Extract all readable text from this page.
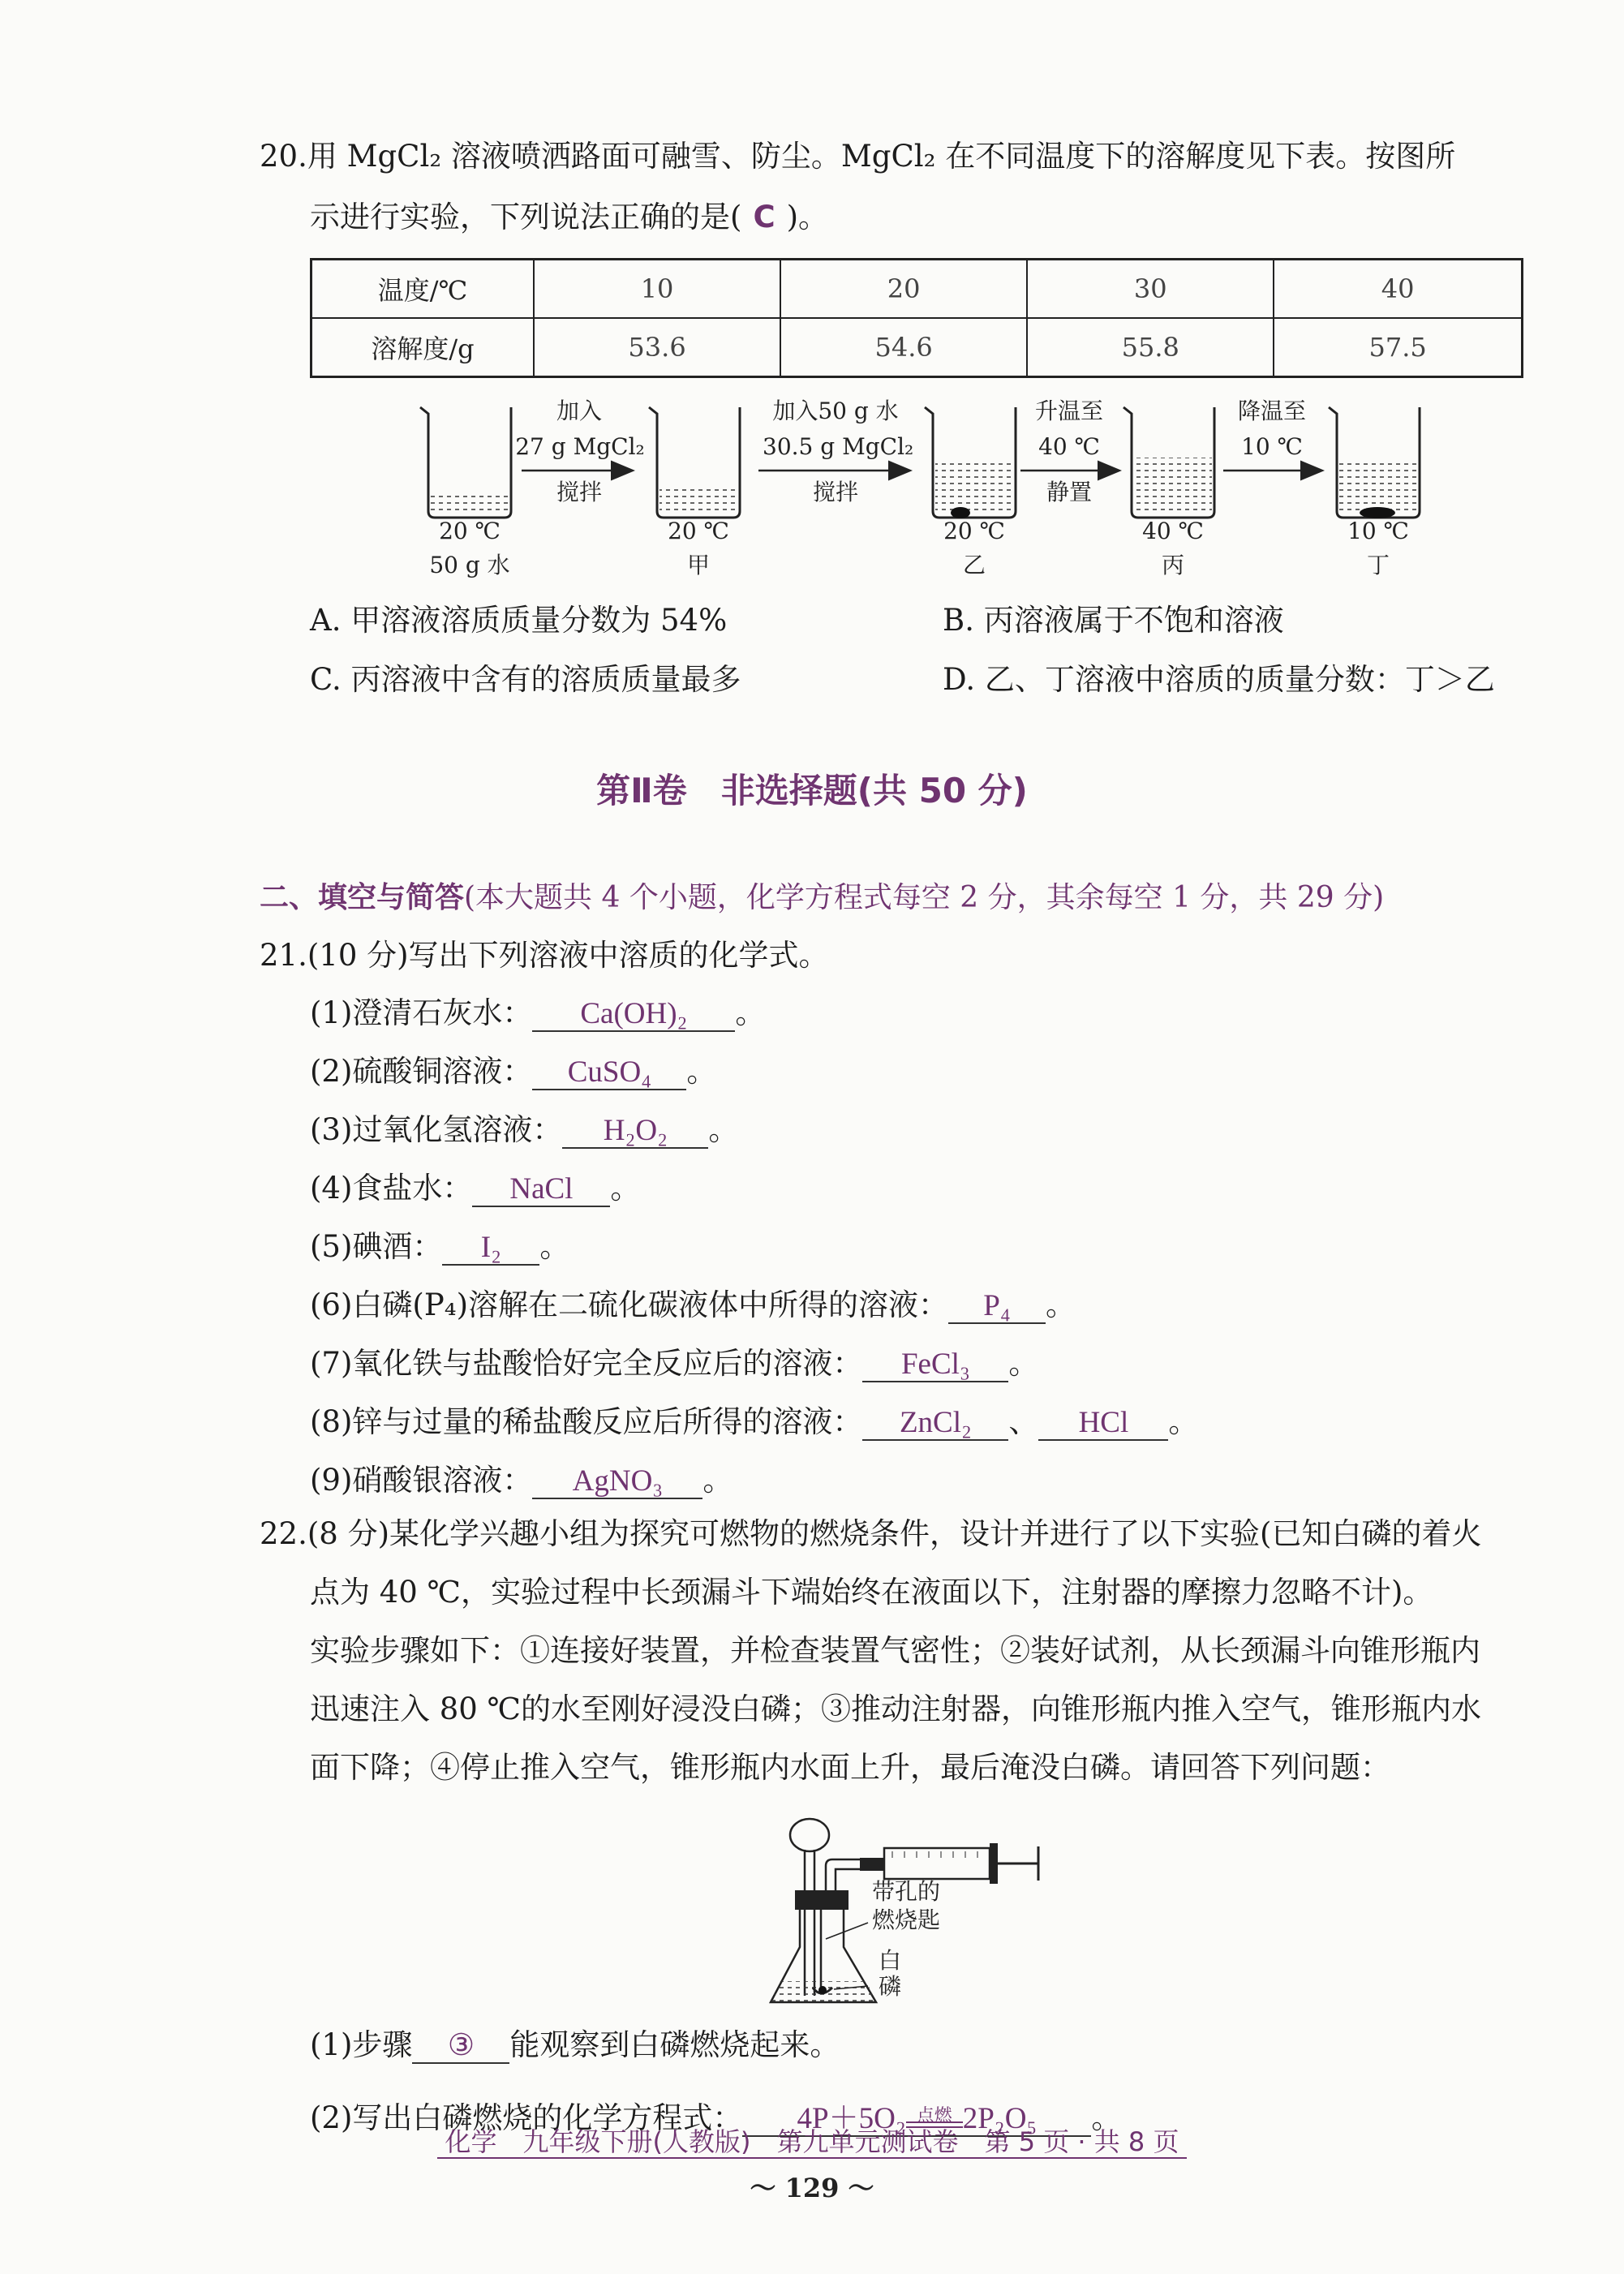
20.用 MgCl₂ 溶液喷洒路面可融雪、防尘。MgCl₂ 在不同温度下的溶解度见下表。按图所
示进行实验，下列说法正确的是( C )。
温度/℃	10	20	30	40
溶解度/g	53.6	54.6	55.8	57.5
加入
27 g MgCl₂
搅拌
加入50 g 水
30.5 g MgCl₂
搅拌
升温至
40 ℃
静置
降温至
10 ℃
20 ℃
50 g 水
20 ℃
甲
20 ℃
乙
40 ℃
丙
10 ℃
丁
A. 甲溶液溶质质量分数为 54%	B. 丙溶液属于不饱和溶液
C. 丙溶液中含有的溶质质量最多	D. 乙、丁溶液中溶质的质量分数：丁＞乙
第Ⅱ卷　非选择题(共 50 分)
二、填空与简答(本大题共 4 个小题，化学方程式每空 2 分，其余每空 1 分，共 29 分)
21.(10 分)写出下列溶液中溶质的化学式。
(1)澄清石灰水： Ca(OH)₂ 。
(2)硫酸铜溶液： CuSO₄ 。
(3)过氧化氢溶液： H₂O₂ 。
(4)食盐水： NaCl 。
(5)碘酒： I₂ 。
(6)白磷(P₄)溶解在二硫化碳液体中所得的溶液： P₄ 。
(7)氧化铁与盐酸恰好完全反应后的溶液： FeCl₃ 。
(8)锌与过量的稀盐酸反应后所得的溶液： ZnCl₂ 、 HCl 。
(9)硝酸银溶液： AgNO₃ 。
22.(8 分)某化学兴趣小组为探究可燃物的燃烧条件，设计并进行了以下实验(已知白磷的着火
点为 40 ℃，实验过程中长颈漏斗下端始终在液面以下，注射器的摩擦力忽略不计)。
实验步骤如下：①连接好装置，并检查装置气密性；②装好试剂，从长颈漏斗向锥形瓶内
迅速注入 80 ℃的水至刚好浸没白磷；③推动注射器，向锥形瓶内推入空气，锥形瓶内水
面下降；④停止推入空气，锥形瓶内水面上升，最后淹没白磷。请回答下列问题：
带孔的
燃烧匙
白
磷
(1)步骤 ③ 能观察到白磷燃烧起来。
(2)写出白磷燃烧的化学方程式： 4P＋5O₂ 点燃 2P₂O₅ 。
化学　九年级下册(人教版)　第九单元测试卷　第 5 页 · 共 8 页
～ 129 ～
